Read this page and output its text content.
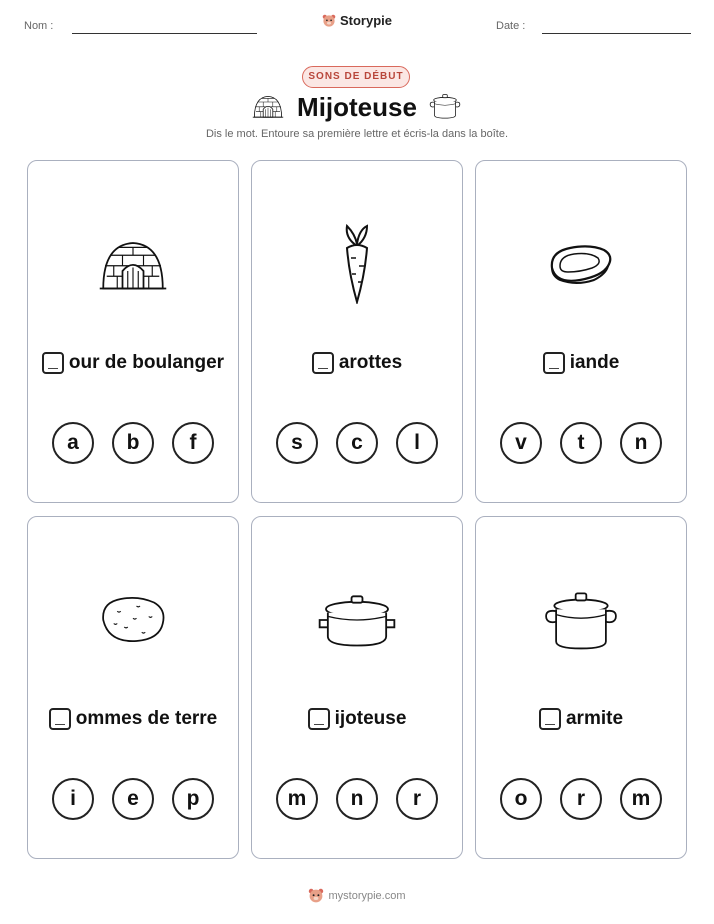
Nom :	Storypie	Date :
SONS DE DÉBUT
Mijoteuse
Dis le mot. Entoure sa première lettre et écris-la dans la boîte.
our de boulanger
a	b	f
arottes
s	c	l
iande
v	t	n
ommes de terre
i	e	p
ijoteuse
m	n	r
armite
o	r	m
mystorypie.com
